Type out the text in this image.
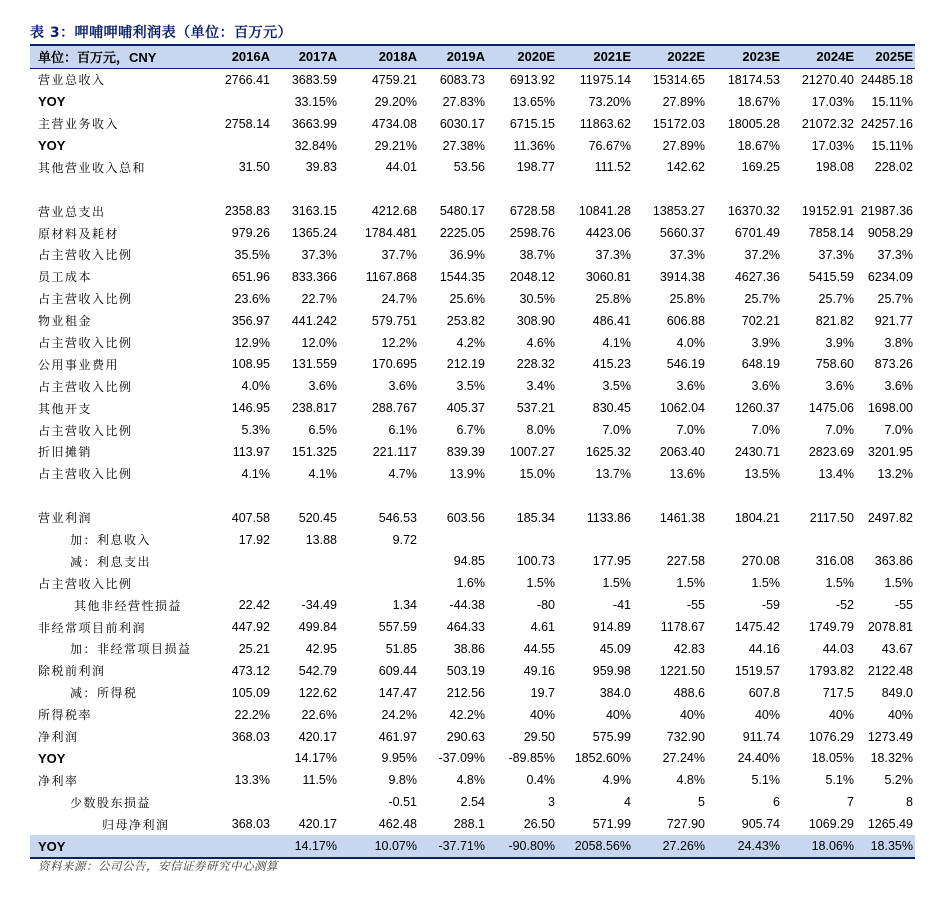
表 3：呷哺呷哺利润表（单位：百万元）
单位：百万元，CNY	2016A	2017A	2018A	2019A	2020E	2021E	2022E	2023E	2024E	2025E
营业总收入	2766.41	3683.59	4759.21	6083.73	6913.92	11975.14	15314.65	18174.53	21270.40	24485.18
YOY		33.15%	29.20%	27.83%	13.65%	73.20%	27.89%	18.67%	17.03%	15.11%
主营业务收入	2758.14	3663.99	4734.08	6030.17	6715.15	11863.62	15172.03	18005.28	21072.32	24257.16
YOY		32.84%	29.21%	27.38%	11.36%	76.67%	27.89%	18.67%	17.03%	15.11%
其他营业收入总和	31.50	39.83	44.01	53.56	198.77	111.52	142.62	169.25	198.08	228.02

营业总支出	2358.83	3163.15	4212.68	5480.17	6728.58	10841.28	13853.27	16370.32	19152.91	21987.36
原材料及耗材	979.26	1365.24	1784.481	2225.05	2598.76	4423.06	5660.37	6701.49	7858.14	9058.29
占主营收入比例	35.5%	37.3%	37.7%	36.9%	38.7%	37.3%	37.3%	37.2%	37.3%	37.3%
员工成本	651.96	833.366	1167.868	1544.35	2048.12	3060.81	3914.38	4627.36	5415.59	6234.09
占主营收入比例	23.6%	22.7%	24.7%	25.6%	30.5%	25.8%	25.8%	25.7%	25.7%	25.7%
物业租金	356.97	441.242	579.751	253.82	308.90	486.41	606.88	702.21	821.82	921.77
占主营收入比例	12.9%	12.0%	12.2%	4.2%	4.6%	4.1%	4.0%	3.9%	3.9%	3.8%
公用事业费用	108.95	131.559	170.695	212.19	228.32	415.23	546.19	648.19	758.60	873.26
占主营收入比例	4.0%	3.6%	3.6%	3.5%	3.4%	3.5%	3.6%	3.6%	3.6%	3.6%
其他开支	146.95	238.817	288.767	405.37	537.21	830.45	1062.04	1260.37	1475.06	1698.00
占主营收入比例	5.3%	6.5%	6.1%	6.7%	8.0%	7.0%	7.0%	7.0%	7.0%	7.0%
折旧摊销	113.97	151.325	221.117	839.39	1007.27	1625.32	2063.40	2430.71	2823.69	3201.95
占主营收入比例	4.1%	4.1%	4.7%	13.9%	15.0%	13.7%	13.6%	13.5%	13.4%	13.2%

营业利润	407.58	520.45	546.53	603.56	185.34	1133.86	1461.38	1804.21	2117.50	2497.82
加：利息收入	17.92	13.88	9.72							
减：利息支出				94.85	100.73	177.95	227.58	270.08	316.08	363.86
占主营收入比例				1.6%	1.5%	1.5%	1.5%	1.5%	1.5%	1.5%
其他非经营性损益	22.42	-34.49	1.34	-44.38	-80	-41	-55	-59	-52	-55
非经常项目前利润	447.92	499.84	557.59	464.33	4.61	914.89	1178.67	1475.42	1749.79	2078.81
加：非经常项目损益	25.21	42.95	51.85	38.86	44.55	45.09	42.83	44.16	44.03	43.67
除税前利润	473.12	542.79	609.44	503.19	49.16	959.98	1221.50	1519.57	1793.82	2122.48
减：所得税	105.09	122.62	147.47	212.56	19.7	384.0	488.6	607.8	717.5	849.0
所得税率	22.2%	22.6%	24.2%	42.2%	40%	40%	40%	40%	40%	40%
净利润	368.03	420.17	461.97	290.63	29.50	575.99	732.90	911.74	1076.29	1273.49
YOY		14.17%	9.95%	-37.09%	-89.85%	1852.60%	27.24%	24.40%	18.05%	18.32%
净利率	13.3%	11.5%	9.8%	4.8%	0.4%	4.9%	4.8%	5.1%	5.1%	5.2%
少数股东损益			-0.51	2.54	3	4	5	6	7	8
归母净利润	368.03	420.17	462.48	288.1	26.50	571.99	727.90	905.74	1069.29	1265.49
YOY		14.17%	10.07%	-37.71%	-90.80%	2058.56%	27.26%	24.43%	18.06%	18.35%
资料来源：公司公告，安信证券研究中心测算
